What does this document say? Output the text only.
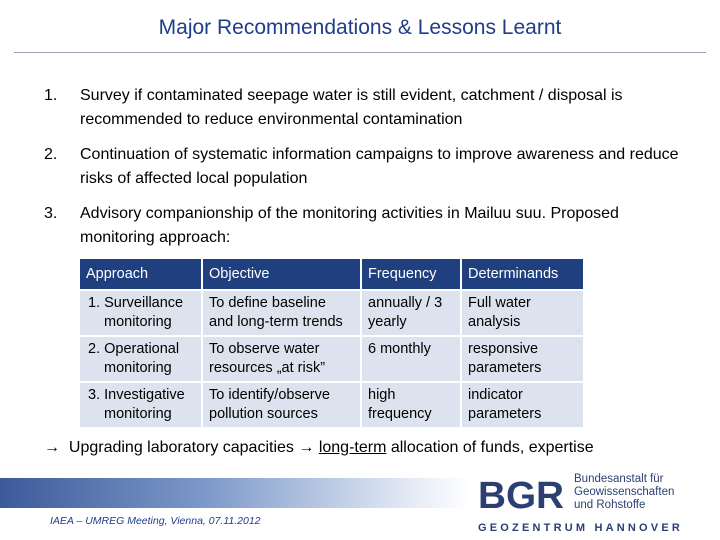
Major Recommendations & Lessons Learnt
1. Survey if contaminated seepage water is still evident, catchment / disposal is recommended to reduce environmental contamination
2. Continuation of systematic information campaigns to improve awareness and reduce risks of affected local population
3. Advisory companionship of the monitoring activities in Mailuu suu. Proposed monitoring approach:
Approach	Objective	Frequency	Determinands

1. Surveillance monitoring	To define baseline and long-term trends	annually / 3 yearly	Full water analysis

2. Operational monitoring	To observe water resources „at risk”	6 monthly	responsive parameters

3. Investigative monitoring	To identify/observe pollution sources	high frequency	indicator parameters
→ Upgrading laboratory capacities → long-term allocation of funds, expertise
IAEA – UMREG Meeting, Vienna, 07.11.2012
BGR Bundesanstalt für
Geowissenschaften
und Rohstoffe
GEOZENTRUM HANNOVER
